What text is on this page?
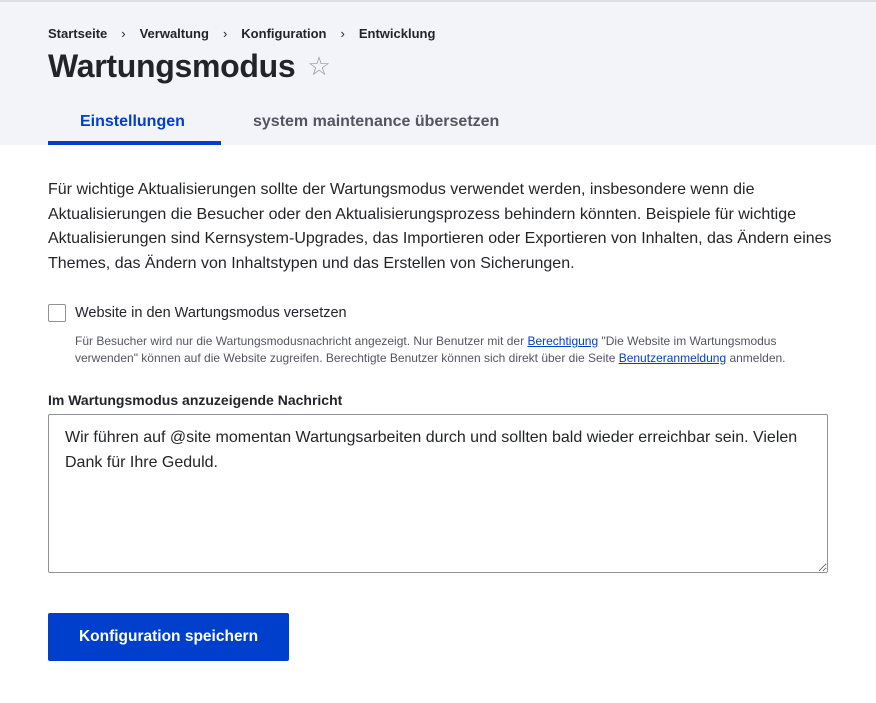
Startseite › Verwaltung › Konfiguration › Entwicklung
Wartungsmodus ☆
Einstellungen	system maintenance übersetzen

Für wichtige Aktualisierungen sollte der Wartungsmodus verwendet werden, insbesondere wenn die Aktualisierungen die Besucher oder den Aktualisierungsprozess behindern könnten. Beispiele für wichtige Aktualisierungen sind Kernsystem-Upgrades, das Importieren oder Exportieren von Inhalten, das Ändern eines Themes, das Ändern von Inhaltstypen und das Erstellen von Sicherungen.

Website in den Wartungsmodus versetzen
Für Besucher wird nur die Wartungsmodusnachricht angezeigt. Nur Benutzer mit der Berechtigung "Die Website im Wartungsmodus verwenden" können auf die Website zugreifen. Berechtigte Benutzer können sich direkt über die Seite Benutzeranmeldung anmelden.
Im Wartungsmodus anzuzeigende Nachricht
Wir führen auf @site momentan Wartungsarbeiten durch und sollten bald wieder erreichbar sein. Vielen Dank für Ihre Geduld. Konfiguration speichern
